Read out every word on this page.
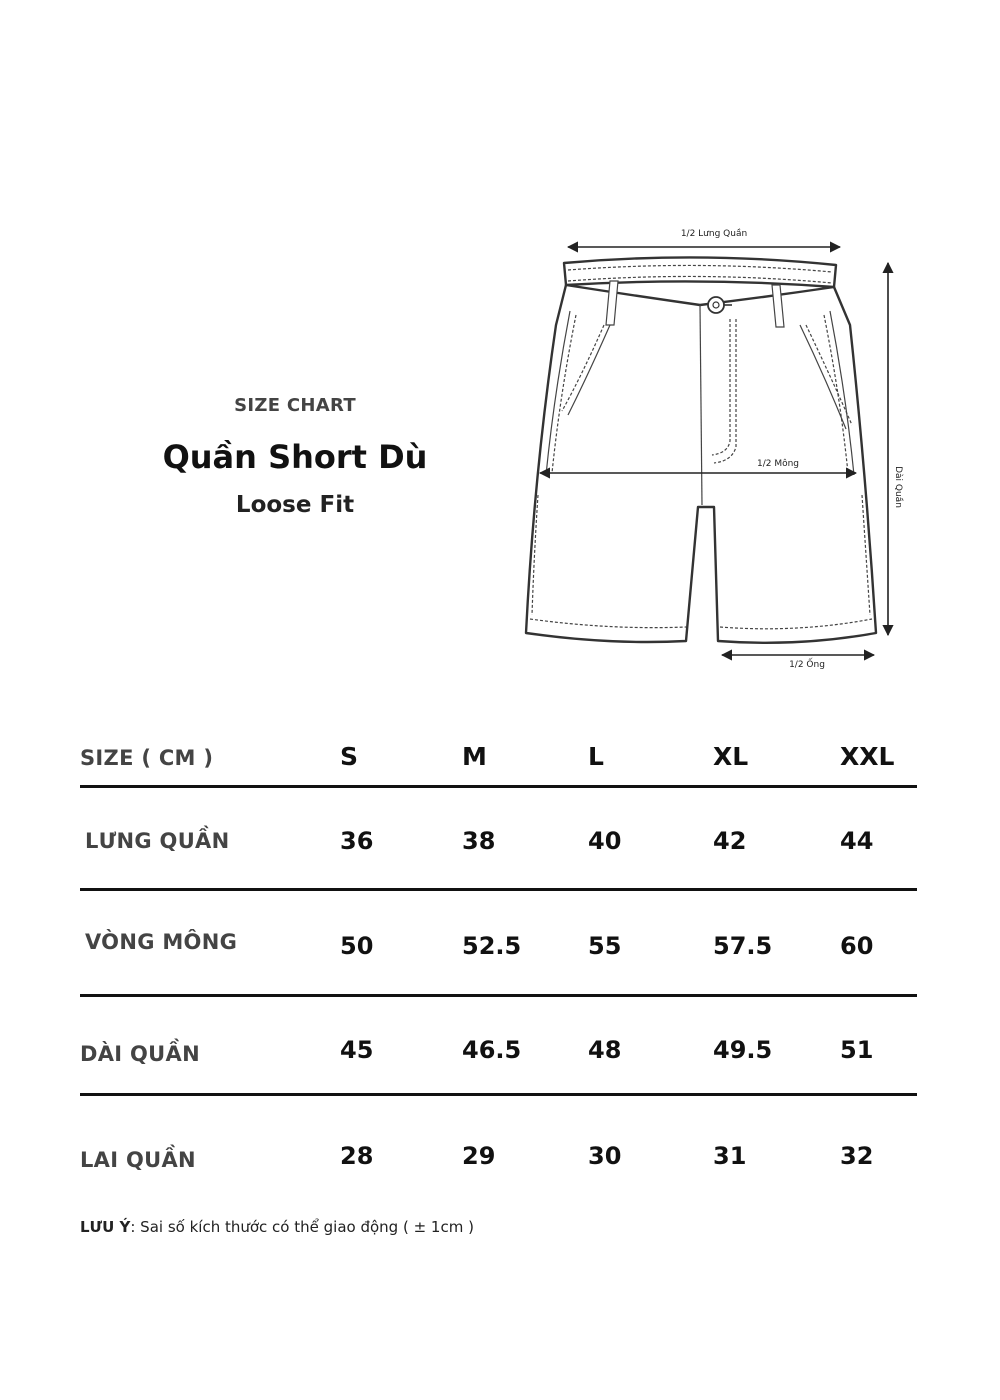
SIZE CHART
Quần Short Dù
Loose Fit
1/2 Lưng Quần
Dài Quần
1/2 Ống
1/2 Mông
SIZE ( CM )	S	M	L	XL	XXL
LƯNG QUẦN	36	38	40	42	44
VÒNG MÔNG	50	52.5	55	57.5	60
DÀI QUẦN	45	46.5	48	49.5	51
LAI QUẦN	28	29	30	31	32
LƯU Ý: Sai số kích thước có thể giao động ( ± 1cm )
